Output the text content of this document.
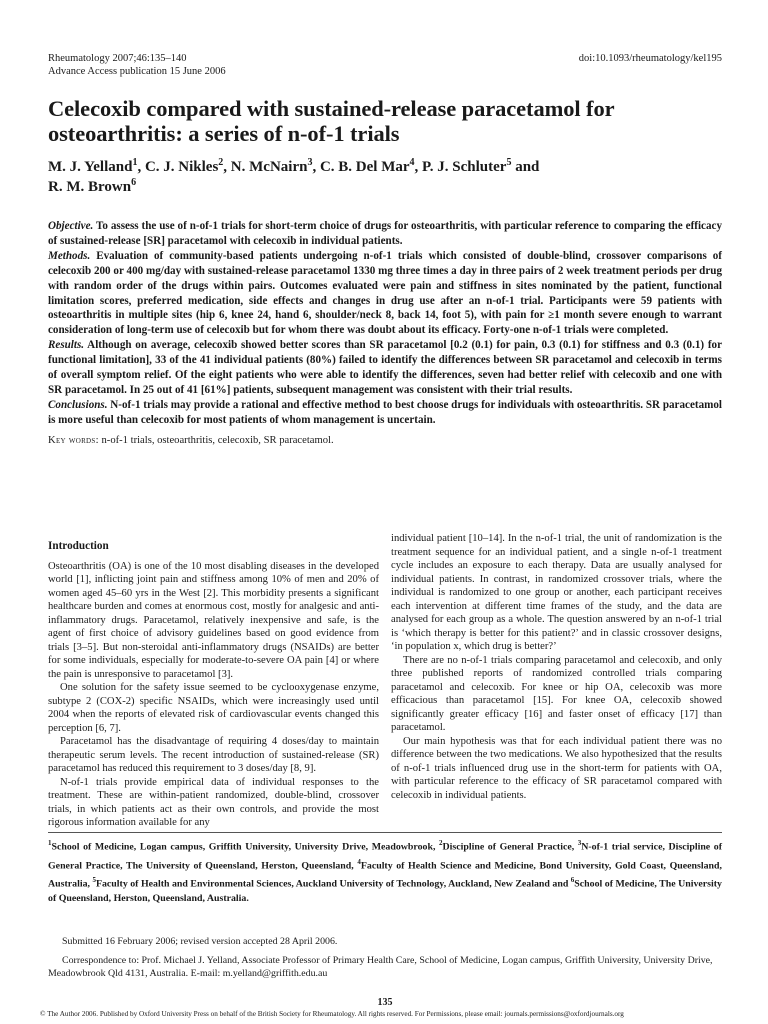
Rheumatology 2007;46:135–140
Advance Access publication 15 June 2006
doi:10.1093/rheumatology/kel195
Celecoxib compared with sustained-release paracetamol for osteoarthritis: a series of n-of-1 trials
M. J. Yelland$^1$, C. J. Nikles$^2$, N. McNairn$^3$, C. B. Del Mar$^4$, P. J. Schluter$^5$ and
R. M. Brown$^6$

Objective. To assess the use of n-of-1 trials for short-term choice of drugs for osteoarthritis, with particular reference to comparing the efficacy of sustained-release [SR] paracetamol with celecoxib in individual patients.

Methods. Evaluation of community-based patients undergoing n-of-1 trials which consisted of double-blind, crossover comparisons of celecoxib 200 or 400 mg/day with sustained-release paracetamol 1330 mg three times a day in three pairs of 2 week treatment periods per drug with random order of the drugs within pairs. Outcomes evaluated were pain and stiffness in sites nominated by the patient, functional limitation scores, preferred medication, side effects and changes in drug use after an n-of-1 trial. Participants were 59 patients with osteoarthritis in multiple sites (hip 6, knee 24, hand 6, shoulder/neck 8, back 14, foot 5), with pain for ≥1 month severe enough to warrant consideration of long-term use of celecoxib but for whom there was doubt about its efficacy. Forty-one n-of-1 trials were completed.

Results. Although on average, celecoxib showed better scores than SR paracetamol [0.2 (0.1) for pain, 0.3 (0.1) for stiffness and 0.3 (0.1) for functional limitation], 33 of the 41 individual patients (80%) failed to identify the differences between SR paracetamol and celecoxib in terms of overall symptom relief. Of the eight patients who were able to identify the differences, seven had better relief with celecoxib and one with SR paracetamol. In 25 out of 41 [61%] patients, subsequent management was consistent with their trial results.

Conclusions. N-of-1 trials may provide a rational and effective method to best choose drugs for individuals with osteoarthritis. SR paracetamol is more useful than celecoxib for most patients of whom management is uncertain.

Key words: n-of-1 trials, osteoarthritis, celecoxib, SR paracetamol.
Introduction

Osteoarthritis (OA) is one of the 10 most disabling diseases in the developed world [1], inflicting joint pain and stiffness among 10% of men and 20% of women aged 45–60 yrs in the West [2]. This morbidity presents a significant healthcare burden and comes at enormous cost, mostly for analgesic and anti-inflammatory drugs. Paracetamol, relatively inexpensive and safe, is the agent of first choice of advisory guidelines based on good evidence from trials [3–5]. But non-steroidal anti-inflammatory drugs (NSAIDs) are better for some individuals, especially for moderate-to-severe OA pain [4] or where the pain is unresponsive to paracetamol [3].

One solution for the safety issue seemed to be cyclooxygenase enzyme, subtype 2 (COX-2) specific NSAIDs, which were increasingly used until 2004 when the reports of elevated risk of cardiovascular events changed this perception [6, 7].

Paracetamol has the disadvantage of requiring 4 doses/day to maintain therapeutic serum levels. The recent introduction of sustained-release (SR) paracetamol has reduced this requirement to 3 doses/day [8, 9].

N-of-1 trials provide empirical data of individual responses to the treatment. These are within-patient randomized, double-blind, crossover trials, in which patients act as their own controls, and provide the most rigorous information available for any

individual patient [10–14]. In the n-of-1 trial, the unit of randomization is the treatment sequence for an individual patient, and a single n-of-1 treatment cycle includes an exposure to each therapy. Data are usually analysed for individual patients. In contrast, in randomized crossover trials, where the individual is randomized to one group or another, each participant receives each intervention at different time frames of the study, and the data are analysed for each group as a whole. The question answered by an n-of-1 trial is ‘which therapy is better for this patient?’ and in classic crossover designs, ‘in population x, which drug is better?’

There are no n-of-1 trials comparing paracetamol and celecoxib, and only three published reports of randomized controlled trials comparing paracetamol and celecoxib. For knee or hip OA, celecoxib was more efficacious than paracetamol [15]. For knee OA, celecoxib showed significantly greater efficacy [16] and faster onset of efficacy [17] than paracetamol.

Our main hypothesis was that for each individual patient there was no difference between the two medications. We also hypothesized that the results of n-of-1 trials influenced drug use in the short-term for patients with OA, with particular reference to the efficacy of SR paracetamol compared with celecoxib in individual patients.

$^1$School of Medicine, Logan campus, Griffith University, University Drive, Meadowbrook, $^2$Discipline of General Practice, $^3$N-of-1 trial service, Discipline of General Practice, The University of Queensland, Herston, Queensland, $^4$Faculty of Health Science and Medicine, Bond University, Gold Coast, Queensland, Australia, $^5$Faculty of Health and Environmental Sciences, Auckland University of Technology, Auckland, New Zealand and $^6$School of Medicine, The University of Queensland, Herston, Queensland, Australia.
Submitted 16 February 2006; revised version accepted 28 April 2006.
Correspondence to: Prof. Michael J. Yelland, Associate Professor of Primary Health Care, School of Medicine, Logan campus, Griffith University, University Drive, Meadowbrook Qld 4131, Australia. E-mail: m.yelland@griffith.edu.au
135
© The Author 2006. Published by Oxford University Press on behalf of the British Society for Rheumatology. All rights reserved. For Permissions, please email: journals.permissions@oxfordjournals.org
